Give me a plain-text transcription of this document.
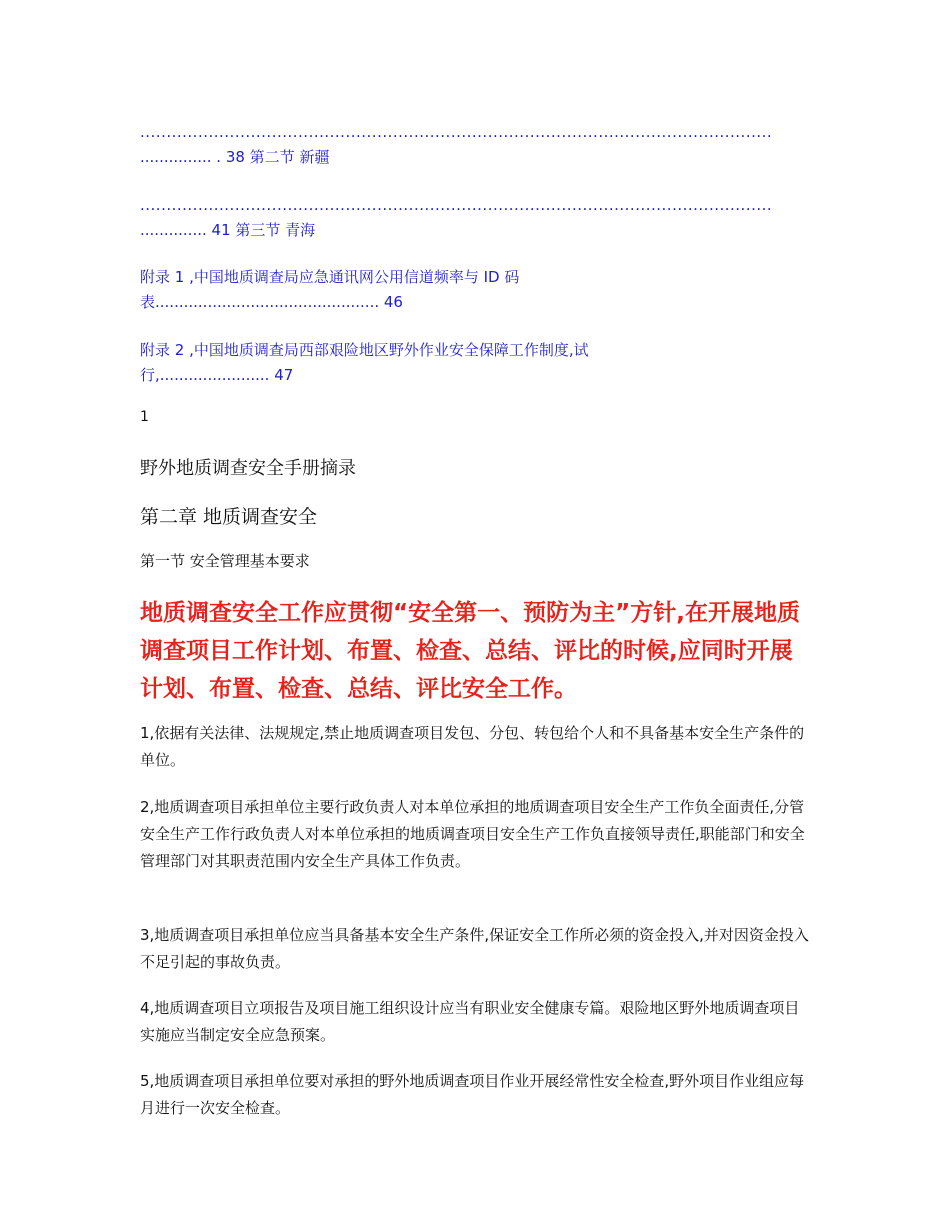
........................................................................................................................
............... . 38 第二节 新疆

........................................................................................................................
.............. 41 第三节 青海

附录 1 ,中国地质调查局应急通讯网公用信道频率与 ID 码
表............................................... 46

附录 2 ,中国地质调查局西部艰险地区野外作业安全保障工作制度,试
行,....................... 47

1
野外地质调查安全手册摘录
第二章 地质调查安全
第一节 安全管理基本要求

地质调查安全工作应贯彻“安全第一、预防为主”方针,在开展地质调查项目工作计划、布置、检查、总结、评比的时候,应同时开展计划、布置、检查、总结、评比安全工作。

1,依据有关法律、法规规定,禁止地质调查项目发包、分包、转包给个人和不具备基本安全生产条件的单位。

2,地质调查项目承担单位主要行政负责人对本单位承担的地质调查项目安全生产工作负全面责任,分管安全生产工作行政负责人对本单位承担的地质调查项目安全生产工作负直接领导责任,职能部门和安全管理部门对其职责范围内安全生产具体工作负责。

3,地质调查项目承担单位应当具备基本安全生产条件,保证安全工作所必须的资金投入,并对因资金投入不足引起的事故负责。

4,地质调查项目立项报告及项目施工组织设计应当有职业安全健康专篇。艰险地区野外地质调查项目实施应当制定安全应急预案。

5,地质调查项目承担单位要对承担的野外地质调查项目作业开展经常性安全检查,野外项目作业组应每月进行一次安全检查。
